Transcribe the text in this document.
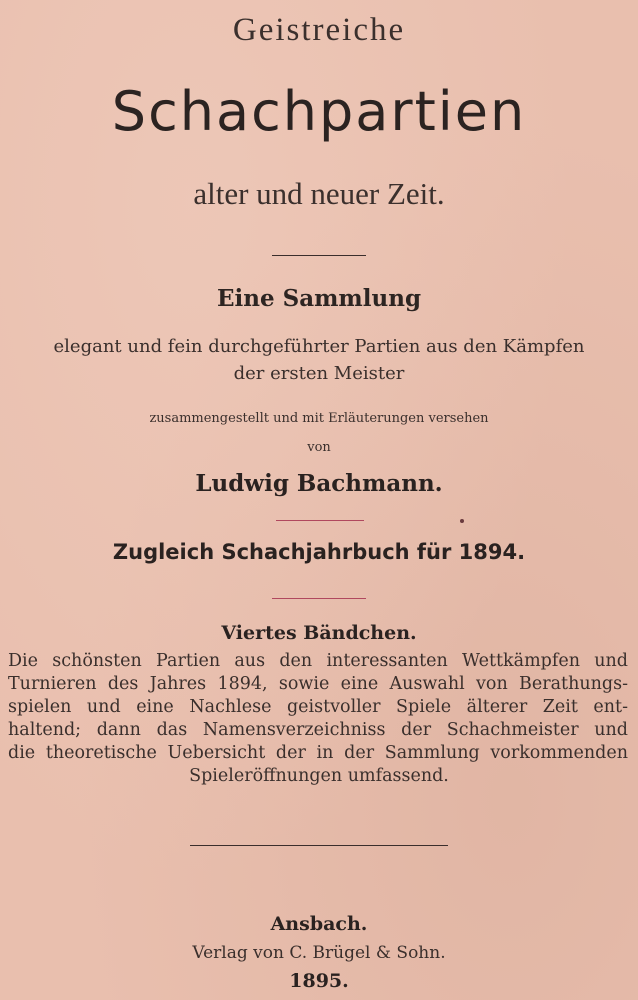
Geistreiche
Schachpartien
alter und neuer Zeit.
Eine Sammlung
elegant und fein durchgeführter Partien aus den Kämpfen
der ersten Meister
zusammengestellt und mit Erläuterungen versehen
von
Ludwig Bachmann.
Zugleich Schachjahrbuch für 1894.
Viertes Bändchen.
Die schönsten Partien aus den interessanten Wettkämpfen und
Turnieren des Jahres 1894, sowie eine Auswahl von Berathungs-
spielen und eine Nachlese geistvoller Spiele älterer Zeit ent-
haltend; dann das Namensverzeichniss der Schachmeister und
die theoretische Uebersicht der in der Sammlung vorkommenden
Spieleröffnungen umfassend.
Ansbach.
Verlag von C. Brügel & Sohn.
1895.
